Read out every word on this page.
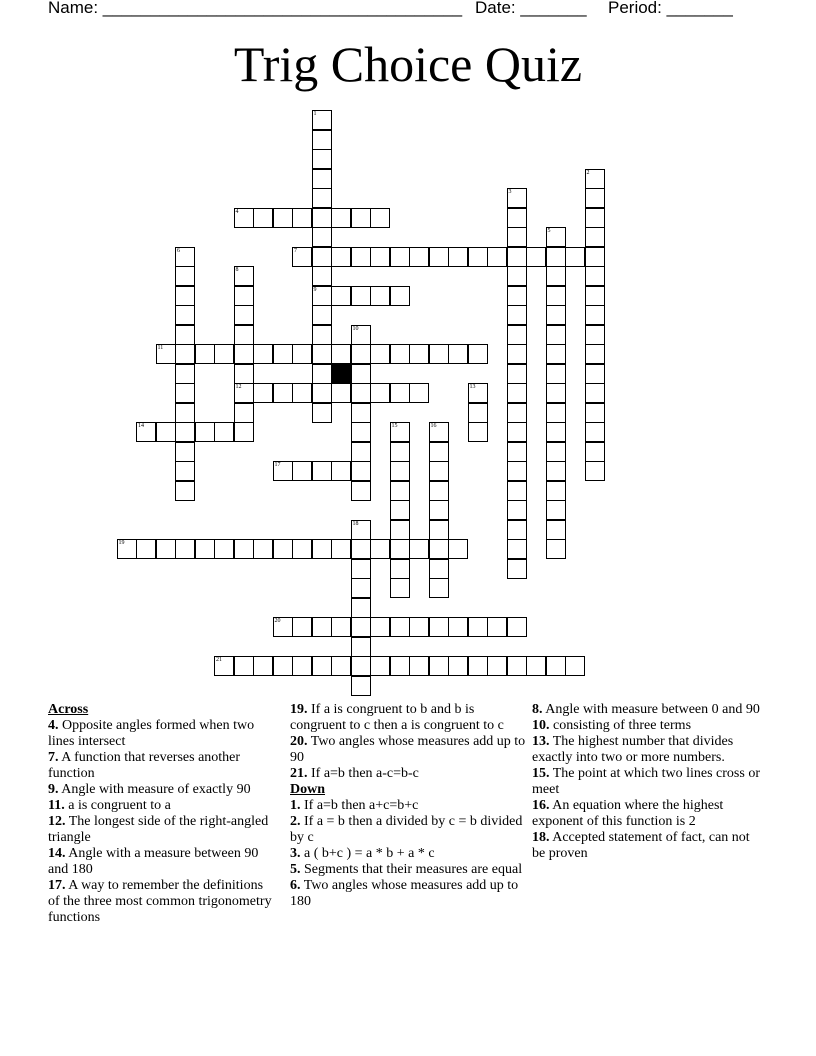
Name: ______________________________________ Date: _______ Period: _______
Trig Choice Quiz
1
9
2
3
4
5
6	7
8
12
10
11
13
14	15	16
17
18
19
20
21

Across

4. Opposite angles formed when two lines intersect

7. A function that reverses another function

9. Angle with measure of exactly 90

11. a is congruent to a

12. The longest side of the right-angled triangle

14. Angle with a measure between 90 and 180

17. A way to remember the definitions of the three most common trigonometry functions

19. If a is congruent to b and b is congruent to c then a is congruent to c

20. Two angles whose measures add up to 90

21. If a=b then a-c=b-c

Down

1. If a=b then a+c=b+c

2. If a = b then a divided by c = b divided by c

3. a ( b+c ) = a * b + a * c

5. Segments that their measures are equal

6. Two angles whose measures add up to 180

8. Angle with measure between 0 and 90

10. consisting of three terms

13. The highest number that divides exactly into two or more numbers.

15. The point at which two lines cross or meet

16. An equation where the highest exponent of this function is 2

18. Accepted statement of fact, can not be proven
